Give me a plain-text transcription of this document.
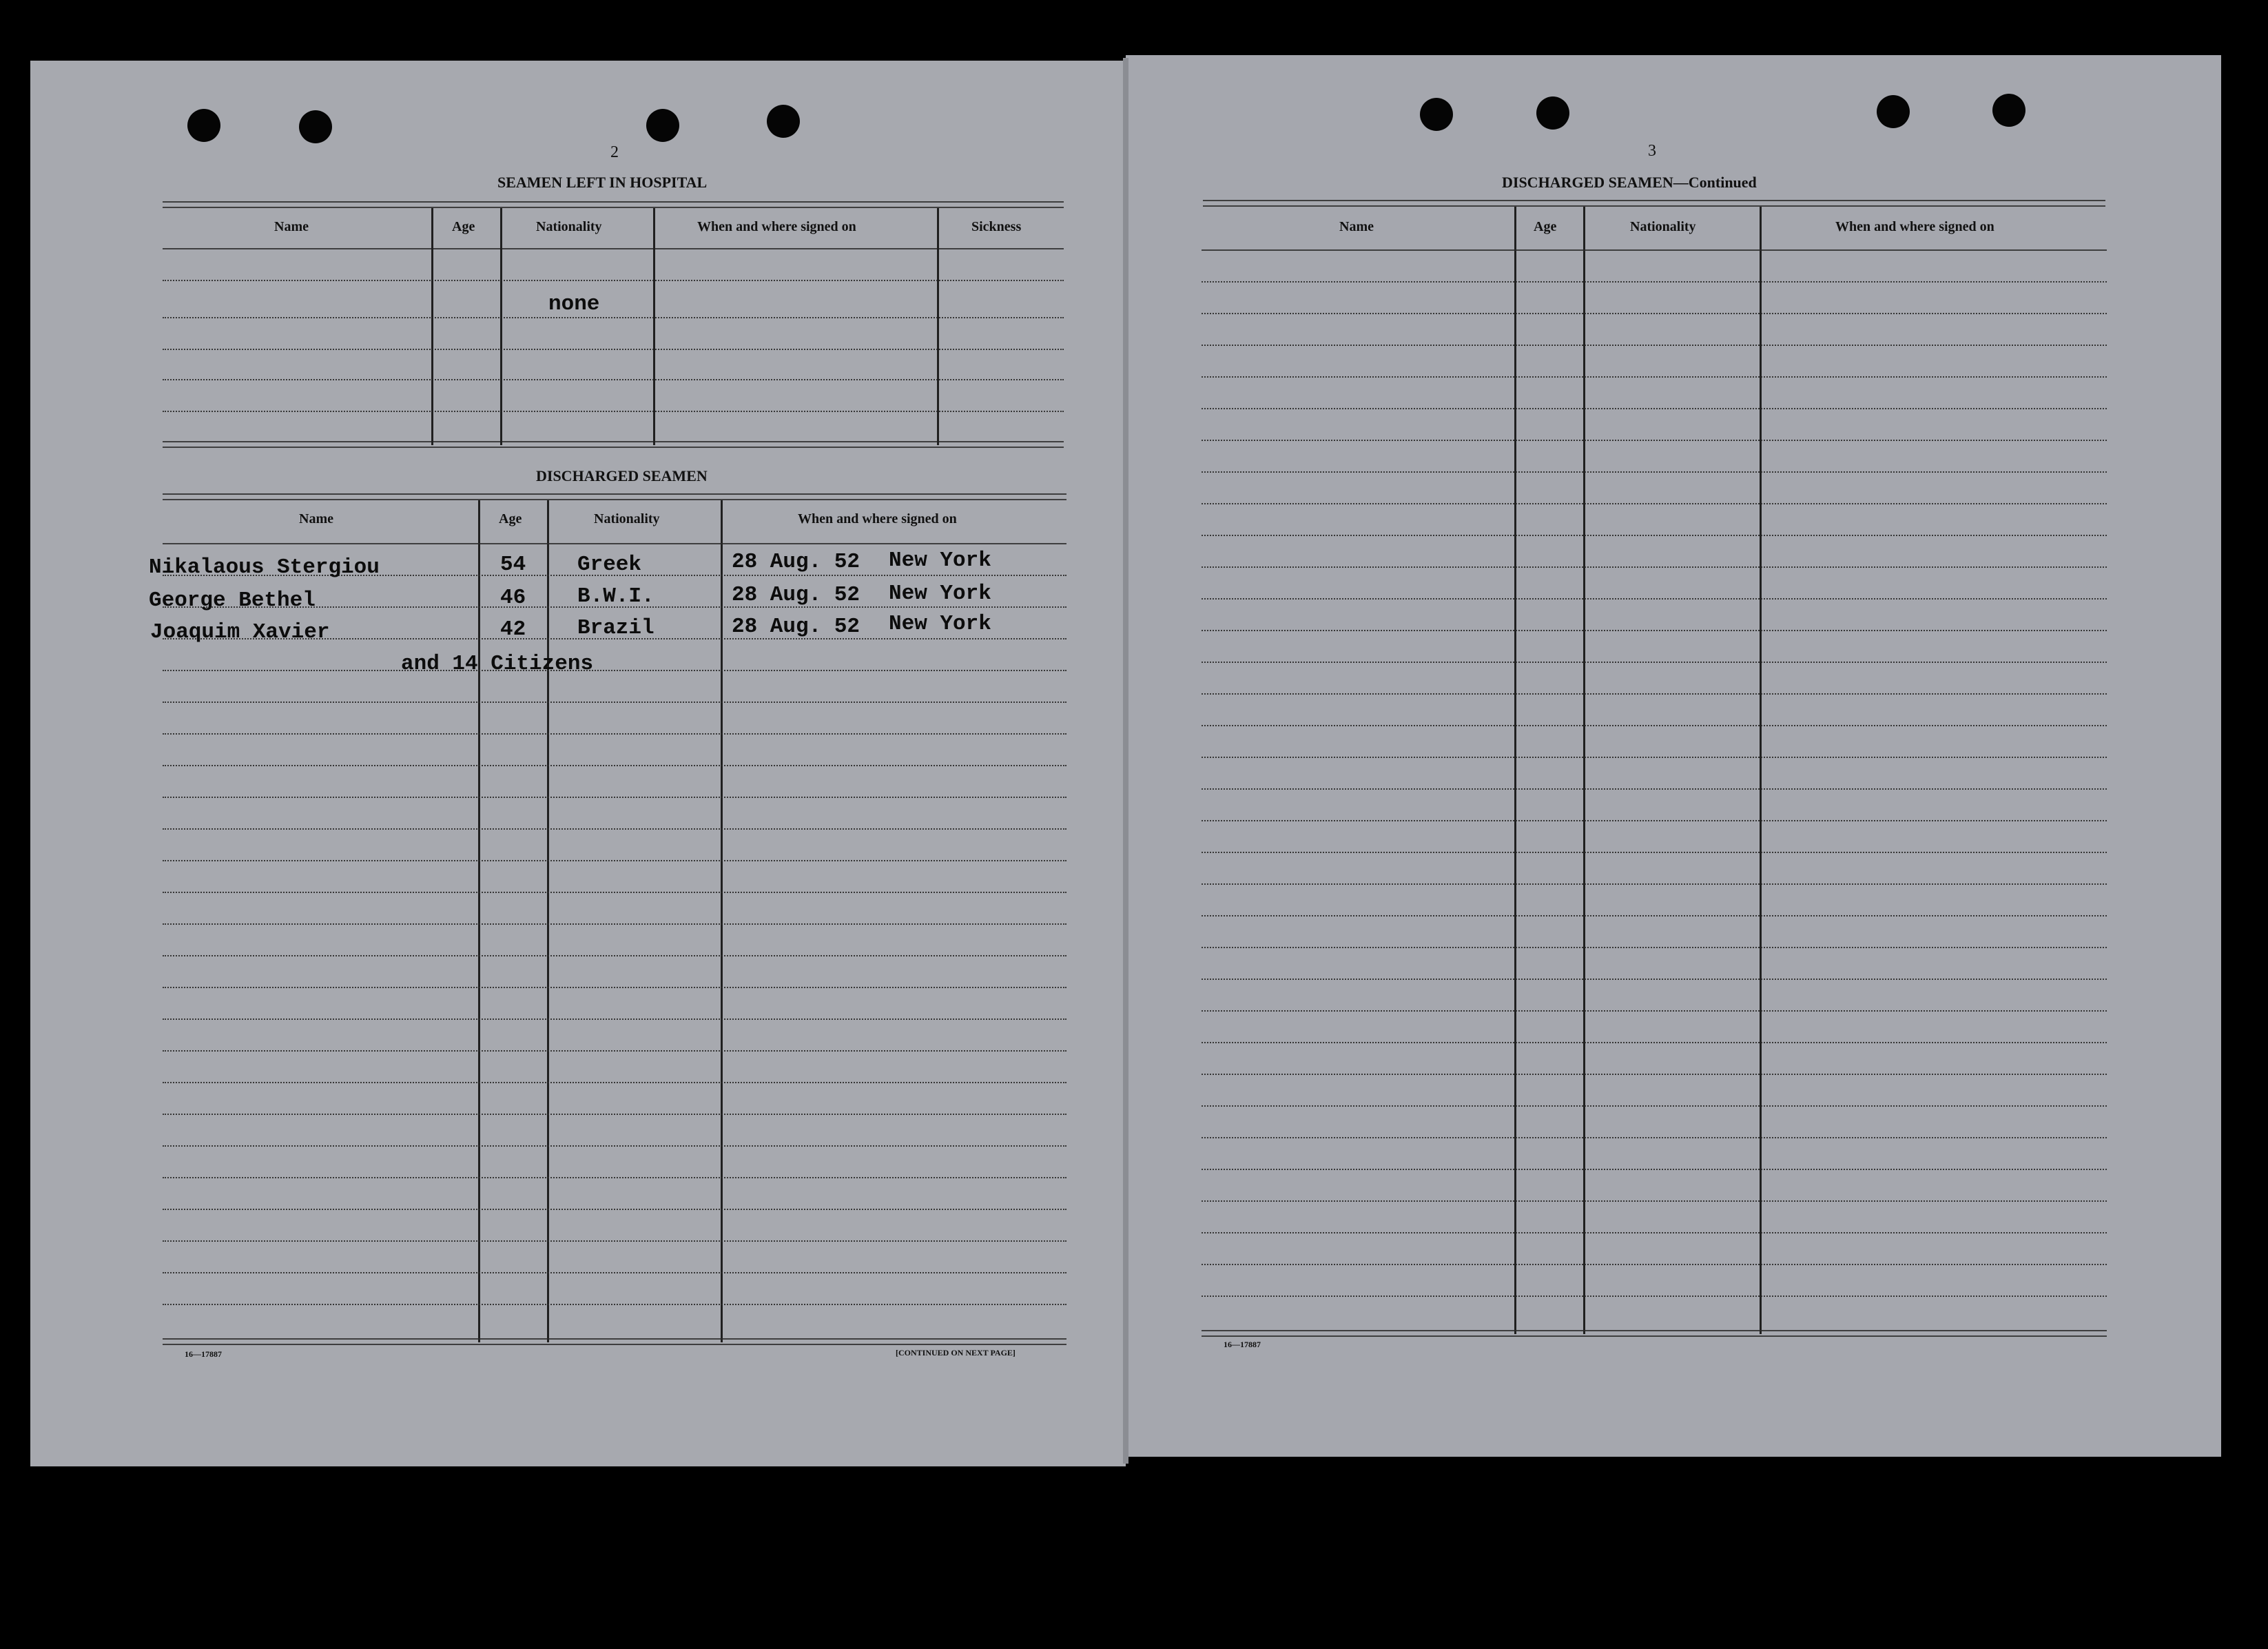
2
SEAMEN LEFT IN HOSPITAL
Name	Age	Nationality	When and where signed on	Sickness
none
DISCHARGED SEAMEN
Name	Age	Nationality	When and where signed on
Nikalaous Stergiou	54 Greek	28 Aug. 52 New York
George Bethel	46 B.W.I.	28 Aug. 52 New York
Joaquim Xavier	42 Brazil	28 Aug. 52 New York
and 14 Citizens
16—17887	[CONTINUED ON NEXT PAGE]
3
DISCHARGED SEAMEN—Continued
Name	Age	Nationality	When and where signed on
16—17887
